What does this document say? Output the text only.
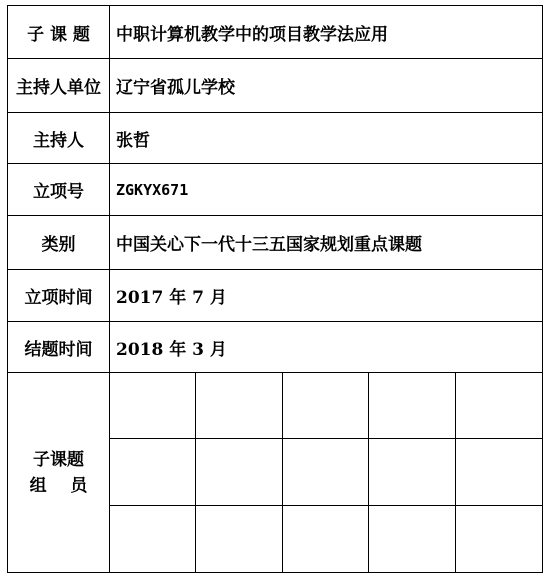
子 课 题	中职计算机教学中的项目教学法应用
主持人单位 辽宁省孤儿学校
主持人	张哲
立项号	ZGKYX671
类别	中国关心下一代十三五国家规划重点课题
立项时间	2017 年 7 月
结题时间	2018 年 3 月
子课题
组    员
